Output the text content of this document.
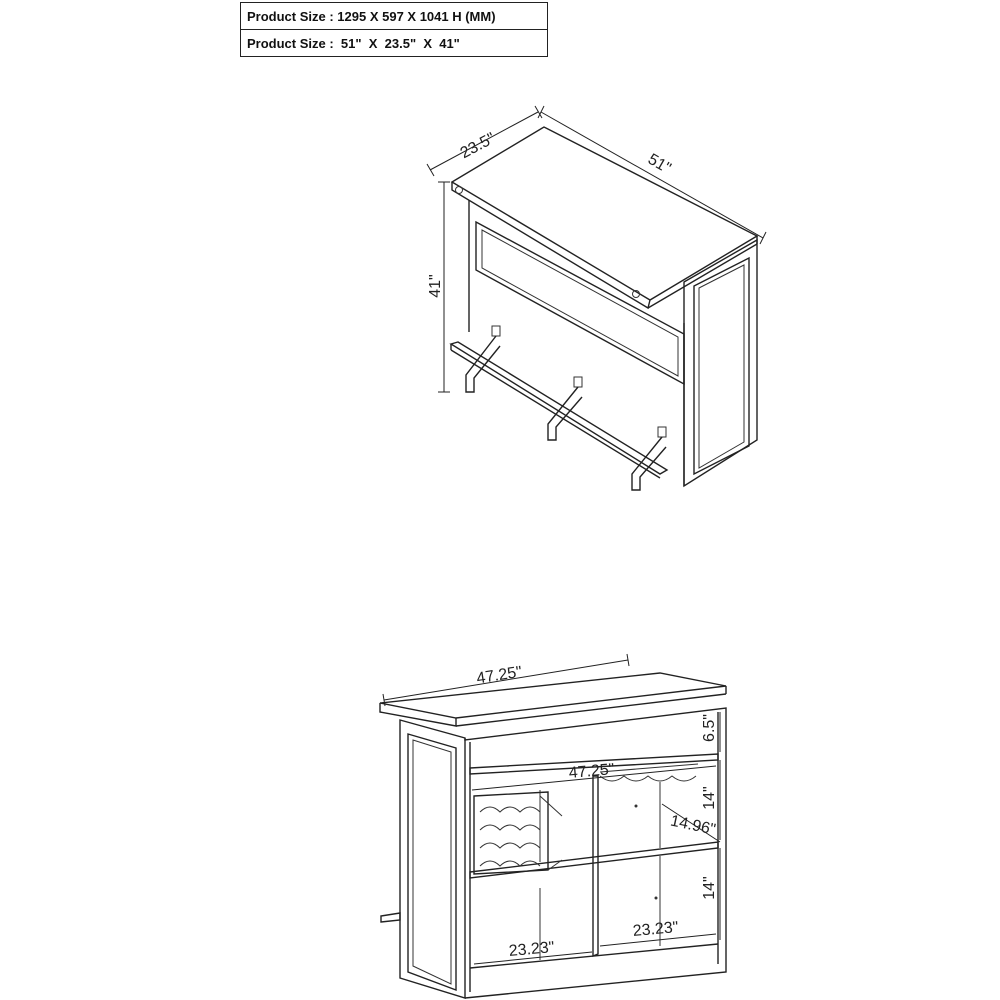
Product Size : 1295 X 597 X 1041 H (MM)
Product Size :  51"  X  23.5"  X  41"
23.5"
51"
41"
47.25"
47.25"
6.5"
14"
14.96"
14"
23.23"
23.23"
